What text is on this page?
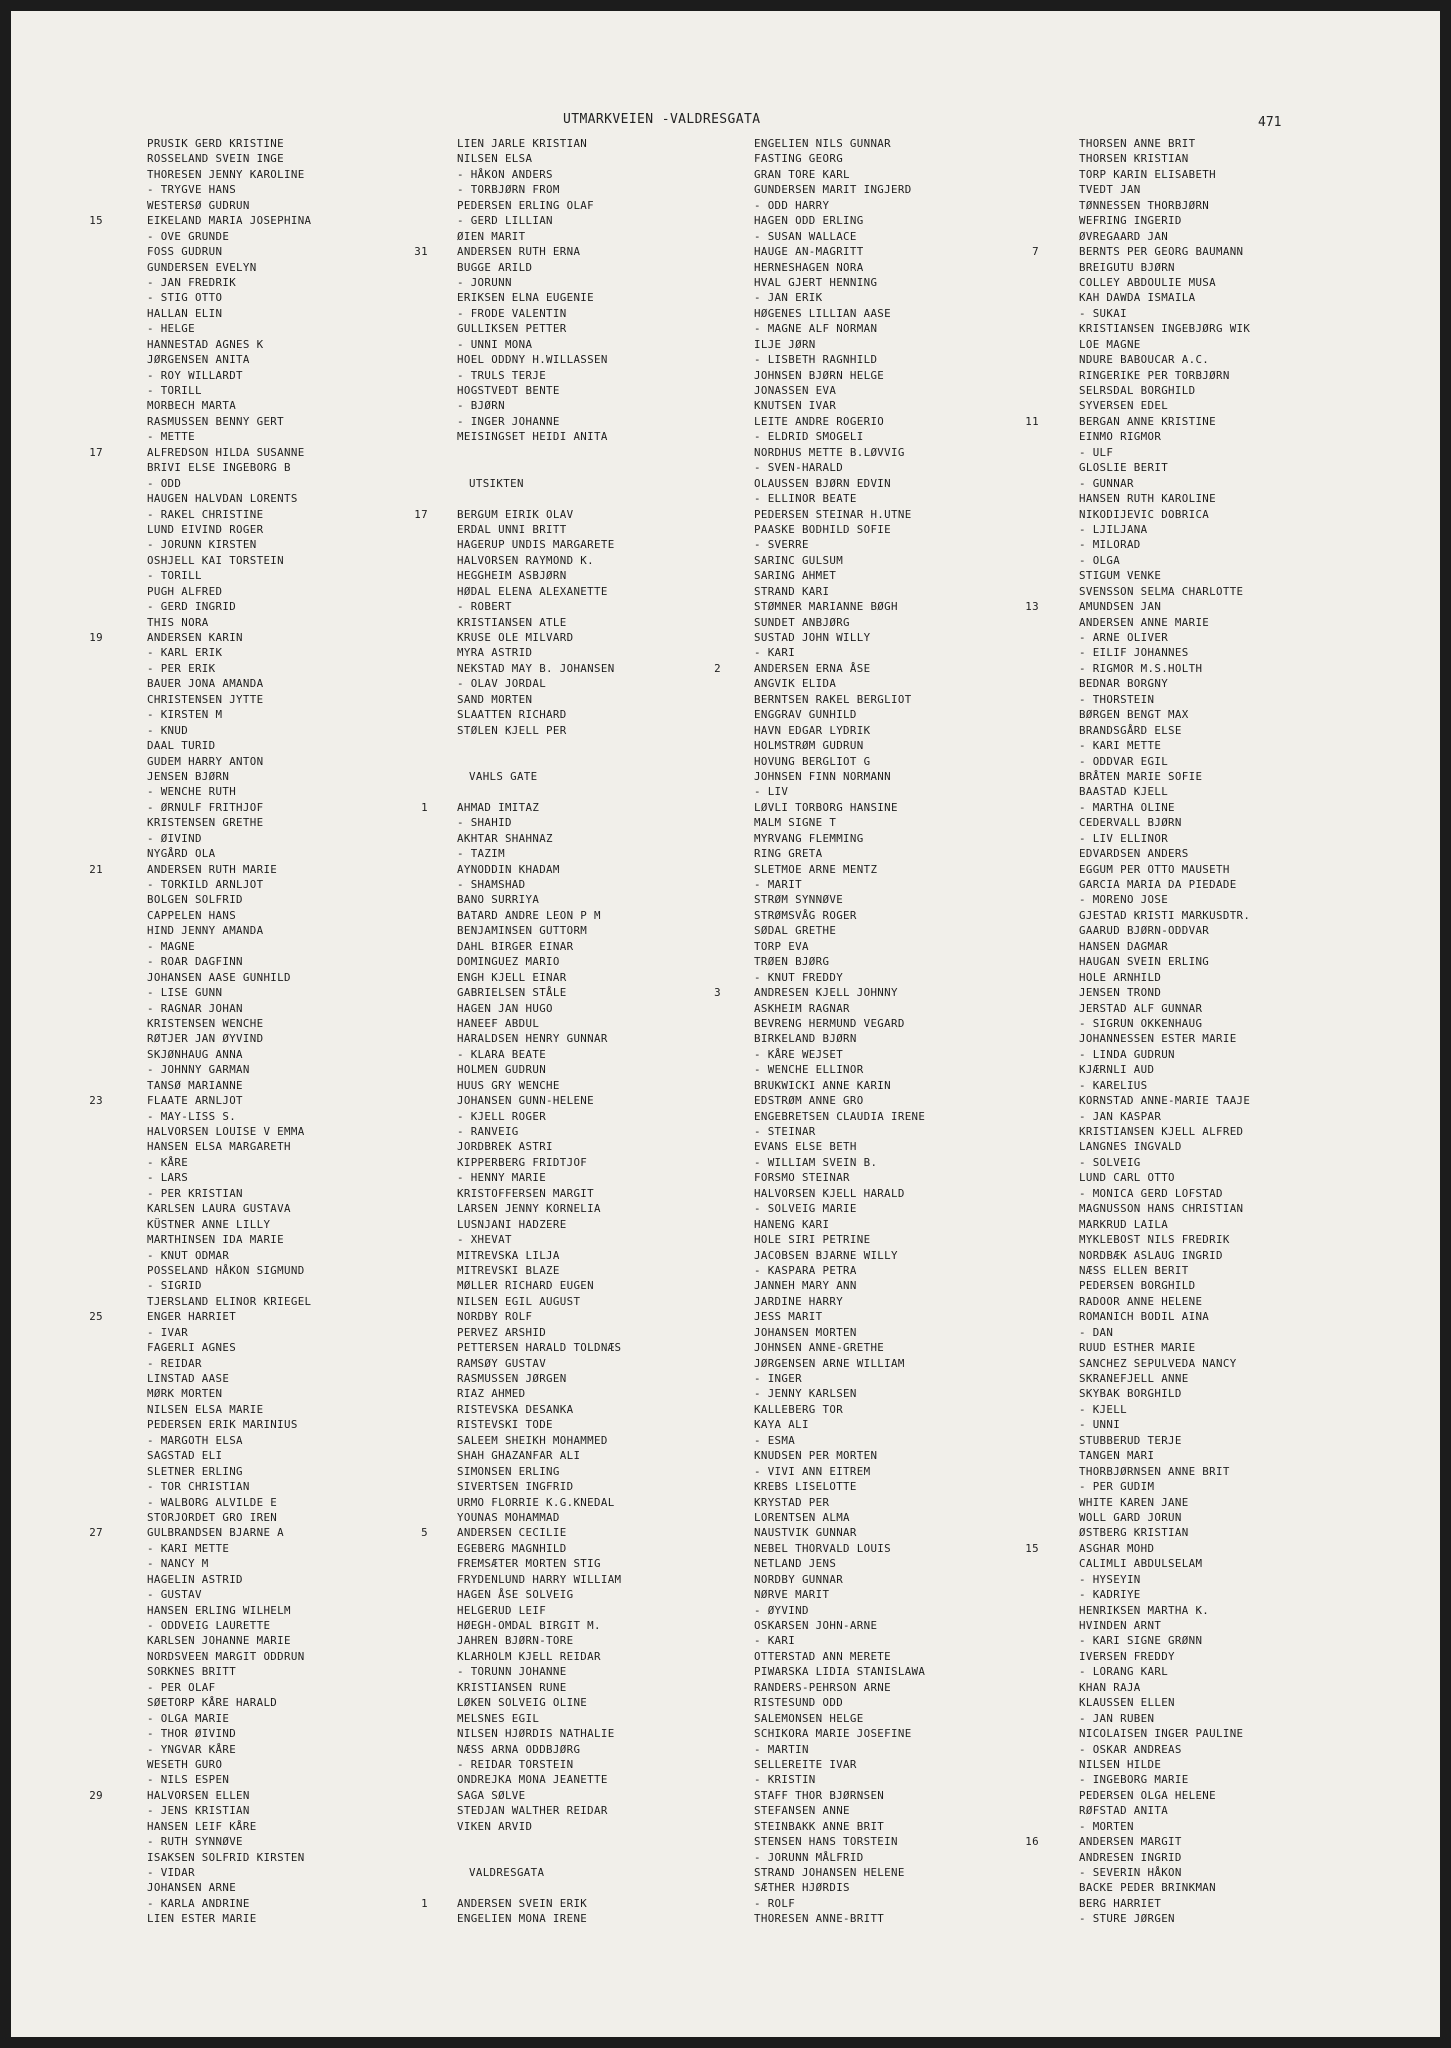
UTMARKVEIEN -VALDRESGATA	471
PRUSIK GERD KRISTINE
ROSSELAND SVEIN INGE
THORESEN JENNY KAROLINE
- TRYGVE HANS
WESTERSØ GUDRUN
15	EIKELAND MARIA JOSEPHINA
- OVE GRUNDE
FOSS GUDRUN
GUNDERSEN EVELYN
- JAN FREDRIK
- STIG OTTO
HALLAN ELIN
- HELGE
HANNESTAD AGNES K
JØRGENSEN ANITA
- ROY WILLARDT
- TORILL
MORBECH MARTA
RASMUSSEN BENNY GERT
- METTE
17	ALFREDSON HILDA SUSANNE
BRIVI ELSE INGEBORG B
- ODD
HAUGEN HALVDAN LORENTS
- RAKEL CHRISTINE
LUND EIVIND ROGER
- JORUNN KIRSTEN
OSHJELL KAI TORSTEIN
- TORILL
PUGH ALFRED
- GERD INGRID
THIS NORA
19	ANDERSEN KARIN
- KARL ERIK
- PER ERIK
BAUER JONA AMANDA
CHRISTENSEN JYTTE
- KIRSTEN M
- KNUD
DAAL TURID
GUDEM HARRY ANTON
JENSEN BJØRN
- WENCHE RUTH
- ØRNULF FRITHJOF
KRISTENSEN GRETHE
- ØIVIND
NYGÅRD OLA
21	ANDERSEN RUTH MARIE
- TORKILD ARNLJOT
BOLGEN SOLFRID
CAPPELEN HANS
HIND JENNY AMANDA
- MAGNE
- ROAR DAGFINN
JOHANSEN AASE GUNHILD
- LISE GUNN
- RAGNAR JOHAN
KRISTENSEN WENCHE
RØTJER JAN ØYVIND
SKJØNHAUG ANNA
- JOHNNY GARMAN
TANSØ MARIANNE
23	FLAATE ARNLJOT
- MAY-LISS S.
HALVORSEN LOUISE V EMMA
HANSEN ELSA MARGARETH
- KÅRE
- LARS
- PER KRISTIAN
KARLSEN LAURA GUSTAVA
KÜSTNER ANNE LILLY
MARTHINSEN IDA MARIE
- KNUT ODMAR
POSSELAND HÅKON SIGMUND
- SIGRID
TJERSLAND ELINOR KRIEGEL
25	ENGER HARRIET
- IVAR
FAGERLI AGNES
- REIDAR
LINSTAD AASE
MØRK MORTEN
NILSEN ELSA MARIE
PEDERSEN ERIK MARINIUS
- MARGOTH ELSA
SAGSTAD ELI
SLETNER ERLING
- TOR CHRISTIAN
- WALBORG ALVILDE E
STORJORDET GRO IREN
27	GULBRANDSEN BJARNE A
- KARI METTE
- NANCY M
HAGELIN ASTRID
- GUSTAV
HANSEN ERLING WILHELM
- ODDVEIG LAURETTE
KARLSEN JOHANNE MARIE
NORDSVEEN MARGIT ODDRUN
SORKNES BRITT
- PER OLAF
SØETORP KÅRE HARALD
- OLGA MARIE
- THOR ØIVIND
- YNGVAR KÅRE
WESETH GURO
- NILS ESPEN
29	HALVORSEN ELLEN
- JENS KRISTIAN
HANSEN LEIF KÅRE
- RUTH SYNNØVE
ISAKSEN SOLFRID KIRSTEN
- VIDAR
JOHANSEN ARNE
- KARLA ANDRINE
LIEN ESTER MARIE
LIEN JARLE KRISTIAN
NILSEN ELSA
- HÅKON ANDERS
- TORBJØRN FROM
PEDERSEN ERLING OLAF
- GERD LILLIAN
ØIEN MARIT
31	ANDERSEN RUTH ERNA
BUGGE ARILD
- JORUNN
ERIKSEN ELNA EUGENIE
- FRODE VALENTIN
GULLIKSEN PETTER
- UNNI MONA
HOEL ODDNY H.WILLASSEN
- TRULS TERJE
HOGSTVEDT BENTE
- BJØRN
- INGER JOHANNE
MEISINGSET HEIDI ANITA
UTSIKTEN
17	BERGUM EIRIK OLAV
ERDAL UNNI BRITT
HAGERUP UNDIS MARGARETE
HALVORSEN RAYMOND K.
HEGGHEIM ASBJØRN
HØDAL ELENA ALEXANETTE
- ROBERT
KRISTIANSEN ATLE
KRUSE OLE MILVARD
MYRA ASTRID
NEKSTAD MAY B. JOHANSEN
- OLAV JORDAL
SAND MORTEN
SLAATTEN RICHARD
STØLEN KJELL PER
VAHLS GATE
1	AHMAD IMITAZ
- SHAHID
AKHTAR SHAHNAZ
- TAZIM
AYNODDIN KHADAM
- SHAMSHAD
BANO SURRIYA
BATARD ANDRE LEON P M
BENJAMINSEN GUTTORM
DAHL BIRGER EINAR
DOMINGUEZ MARIO
ENGH KJELL EINAR
GABRIELSEN STÅLE
HAGEN JAN HUGO
HANEEF ABDUL
HARALDSEN HENRY GUNNAR
- KLARA BEATE
HOLMEN GUDRUN
HUUS GRY WENCHE
JOHANSEN GUNN-HELENE
- KJELL ROGER
- RANVEIG
JORDBREK ASTRI
KIPPERBERG FRIDTJOF
- HENNY MARIE
KRISTOFFERSEN MARGIT
LARSEN JENNY KORNELIA
LUSNJANI HADZERE
- XHEVAT
MITREVSKA LILJA
MITREVSKI BLAZE
MØLLER RICHARD EUGEN
NILSEN EGIL AUGUST
NORDBY ROLF
PERVEZ ARSHID
PETTERSEN HARALD TOLDNÆS
RAMSØY GUSTAV
RASMUSSEN JØRGEN
RIAZ AHMED
RISTEVSKA DESANKA
RISTEVSKI TODE
SALEEM SHEIKH MOHAMMED
SHAH GHAZANFAR ALI
SIMONSEN ERLING
SIVERTSEN INGFRID
URMO FLORRIE K.G.KNEDAL
YOUNAS MOHAMMAD
5	ANDERSEN CECILIE
EGEBERG MAGNHILD
FREMSÆTER MORTEN STIG
FRYDENLUND HARRY WILLIAM
HAGEN ÅSE SOLVEIG
HELGERUD LEIF
HØEGH-OMDAL BIRGIT M.
JAHREN BJØRN-TORE
KLARHOLM KJELL REIDAR
- TORUNN JOHANNE
KRISTIANSEN RUNE
LØKEN SOLVEIG OLINE
MELSNES EGIL
NILSEN HJØRDIS NATHALIE
NÆSS ARNA ODDBJØRG
- REIDAR TORSTEIN
ONDREJKA MONA JEANETTE
SAGA SØLVE
STEDJAN WALTHER REIDAR
VIKEN ARVID
VALDRESGATA
1	ANDERSEN SVEIN ERIK
ENGELIEN MONA IRENE
ENGELIEN NILS GUNNAR
FASTING GEORG
GRAN TORE KARL
GUNDERSEN MARIT INGJERD
- ODD HARRY
HAGEN ODD ERLING
- SUSAN WALLACE
HAUGE AN-MAGRITT
HERNESHAGEN NORA
HVAL GJERT HENNING
- JAN ERIK
HØGENES LILLIAN AASE
- MAGNE ALF NORMAN
ILJE JØRN
- LISBETH RAGNHILD
JOHNSEN BJØRN HELGE
JONASSEN EVA
KNUTSEN IVAR
LEITE ANDRE ROGERIO
- ELDRID SMOGELI
NORDHUS METTE B.LØVVIG
- SVEN-HARALD
OLAUSSEN BJØRN EDVIN
- ELLINOR BEATE
PEDERSEN STEINAR H.UTNE
PAASKE BODHILD SOFIE
- SVERRE
SARINC GULSUM
SARING AHMET
STRAND KARI
STØMNER MARIANNE BØGH
SUNDET ANBJØRG
SUSTAD JOHN WILLY
- KARI
2	ANDERSEN ERNA ÅSE
ANGVIK ELIDA
BERNTSEN RAKEL BERGLIOT
ENGGRAV GUNHILD
HAVN EDGAR LYDRIK
HOLMSTRØM GUDRUN
HOVUNG BERGLIOT G
JOHNSEN FINN NORMANN
- LIV
LØVLI TORBORG HANSINE
MALM SIGNE T
MYRVANG FLEMMING
RING GRETA
SLETMOE ARNE MENTZ
- MARIT
STRØM SYNNØVE
STRØMSVÅG ROGER
SØDAL GRETHE
TORP EVA
TRØEN BJØRG
- KNUT FREDDY
3	ANDRESEN KJELL JOHNNY
ASKHEIM RAGNAR
BEVRENG HERMUND VEGARD
BIRKELAND BJØRN
- KÅRE WEJSET
- WENCHE ELLINOR
BRUKWICKI ANNE KARIN
EDSTRØM ANNE GRO
ENGEBRETSEN CLAUDIA IRENE
- STEINAR
EVANS ELSE BETH
- WILLIAM SVEIN B.
FORSMO STEINAR
HALVORSEN KJELL HARALD
- SOLVEIG MARIE
HANENG KARI
HOLE SIRI PETRINE
JACOBSEN BJARNE WILLY
- KASPARA PETRA
JANNEH MARY ANN
JARDINE HARRY
JESS MARIT
JOHANSEN MORTEN
JOHNSEN ANNE-GRETHE
JØRGENSEN ARNE WILLIAM
- INGER
- JENNY KARLSEN
KALLEBERG TOR
KAYA ALI
- ESMA
KNUDSEN PER MORTEN
- VIVI ANN EITREM
KREBS LISELOTTE
KRYSTAD PER
LORENTSEN ALMA
NAUSTVIK GUNNAR
NEBEL THORVALD LOUIS
NETLAND JENS
NORDBY GUNNAR
NØRVE MARIT
- ØYVIND
OSKARSEN JOHN-ARNE
- KARI
OTTERSTAD ANN MERETE
PIWARSKA LIDIA STANISLAWA
RANDERS-PEHRSON ARNE
RISTESUND ODD
SALEMONSEN HELGE
SCHIKORA MARIE JOSEFINE
- MARTIN
SELLEREITE IVAR
- KRISTIN
STAFF THOR BJØRNSEN
STEFANSEN ANNE
STEINBAKK ANNE BRIT
STENSEN HANS TORSTEIN
- JORUNN MÅLFRID
STRAND JOHANSEN HELENE
SÆTHER HJØRDIS
- ROLF
THORESEN ANNE-BRITT
THORSEN ANNE BRIT
THORSEN KRISTIAN
TORP KARIN ELISABETH
TVEDT JAN
TØNNESSEN THORBJØRN
WEFRING INGERID
ØVREGAARD JAN
7	BERNTS PER GEORG BAUMANN
BREIGUTU BJØRN
COLLEY ABDOULIE MUSA
KAH DAWDA ISMAILA
- SUKAI
KRISTIANSEN INGEBJØRG WIK
LOE MAGNE
NDURE BABOUCAR A.C.
RINGERIKE PER TORBJØRN
SELRSDAL BORGHILD
SYVERSEN EDEL
11	BERGAN ANNE KRISTINE
EINMO RIGMOR
- ULF
GLOSLIE BERIT
- GUNNAR
HANSEN RUTH KAROLINE
NIKODIJEVIC DOBRICA
- LJILJANA
- MILORAD
- OLGA
STIGUM VENKE
SVENSSON SELMA CHARLOTTE
13	AMUNDSEN JAN
ANDERSEN ANNE MARIE
- ARNE OLIVER
- EILIF JOHANNES
- RIGMOR M.S.HOLTH
BEDNAR BORGNY
- THORSTEIN
BØRGEN BENGT MAX
BRANDSGÅRD ELSE
- KARI METTE
- ODDVAR EGIL
BRÅTEN MARIE SOFIE
BAASTAD KJELL
- MARTHA OLINE
CEDERVALL BJØRN
- LIV ELLINOR
EDVARDSEN ANDERS
EGGUM PER OTTO MAUSETH
GARCIA MARIA DA PIEDADE
- MORENO JOSE
GJESTAD KRISTI MARKUSDTR.
GAARUD BJØRN-ODDVAR
HANSEN DAGMAR
HAUGAN SVEIN ERLING
HOLE ARNHILD
JENSEN TROND
JERSTAD ALF GUNNAR
- SIGRUN OKKENHAUG
JOHANNESSEN ESTER MARIE
- LINDA GUDRUN
KJÆRNLI AUD
- KARELIUS
KORNSTAD ANNE-MARIE TAAJE
- JAN KASPAR
KRISTIANSEN KJELL ALFRED
LANGNES INGVALD
- SOLVEIG
LUND CARL OTTO
- MONICA GERD LOFSTAD
MAGNUSSON HANS CHRISTIAN
MARKRUD LAILA
MYKLEBOST NILS FREDRIK
NORDBÆK ASLAUG INGRID
NÆSS ELLEN BERIT
PEDERSEN BORGHILD
RADOOR ANNE HELENE
ROMANICH BODIL AINA
- DAN
RUUD ESTHER MARIE
SANCHEZ SEPULVEDA NANCY
SKRANEFJELL ANNE
SKYBAK BORGHILD
- KJELL
- UNNI
STUBBERUD TERJE
TANGEN MARI
THORBJØRNSEN ANNE BRIT
- PER GUDIM
WHITE KAREN JANE
WOLL GARD JORUN
ØSTBERG KRISTIAN
15	ASGHAR MOHD
CALIMLI ABDULSELAM
- HYSEYIN
- KADRIYE
HENRIKSEN MARTHA K.
HVINDEN ARNT
- KARI SIGNE GRØNN
IVERSEN FREDDY
- LORANG KARL
KHAN RAJA
KLAUSSEN ELLEN
- JAN RUBEN
NICOLAISEN INGER PAULINE
- OSKAR ANDREAS
NILSEN HILDE
- INGEBORG MARIE
PEDERSEN OLGA HELENE
RØFSTAD ANITA
- MORTEN
16	ANDERSEN MARGIT
ANDRESEN INGRID
- SEVERIN HÅKON
BACKE PEDER BRINKMAN
BERG HARRIET
- STURE JØRGEN
